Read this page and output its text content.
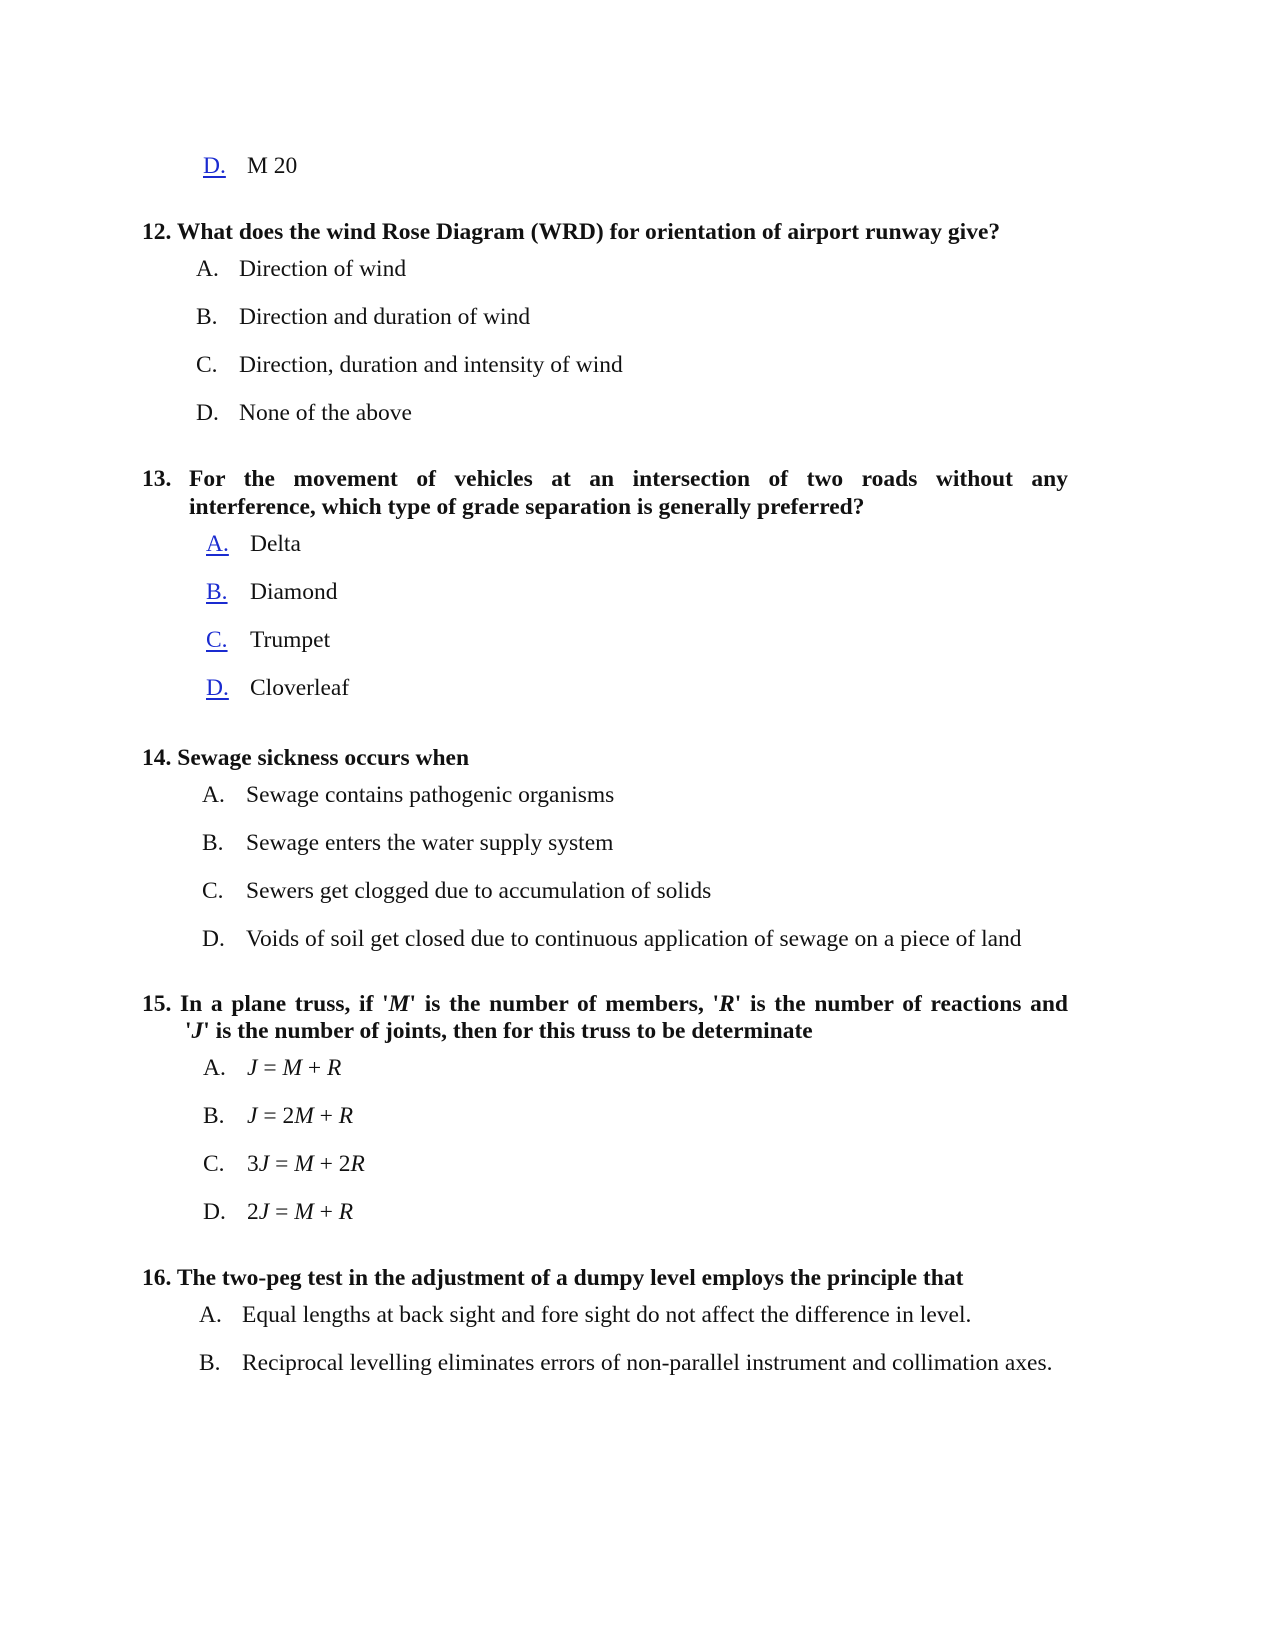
D. M 20
12. What does the wind Rose Diagram (WRD) for orientation of airport runway give?
A. Direction of wind
B. Direction and duration of wind
C. Direction, duration and intensity of wind
D. None of the above
13. For the movement of vehicles at an intersection of two roads without any
interference, which type of grade separation is generally preferred?
A. Delta
B. Diamond
C. Trumpet
D. Cloverleaf
14. Sewage sickness occurs when
A. Sewage contains pathogenic organisms
B. Sewage enters the water supply system
C. Sewers get clogged due to accumulation of solids
D. Voids of soil get closed due to continuous application of sewage on a piece of land
15. In a plane truss, if 'M' is the number of members, 'R' is the number of reactions and
'J' is the number of joints, then for this truss to be determinate
A. J = M + R
B. J = 2M + R
C. 3J = M + 2R
D. 2J = M + R
16. The two-peg test in the adjustment of a dumpy level employs the principle that
A. Equal lengths at back sight and fore sight do not affect the difference in level.
B. Reciprocal levelling eliminates errors of non-parallel instrument and collimation axes.
